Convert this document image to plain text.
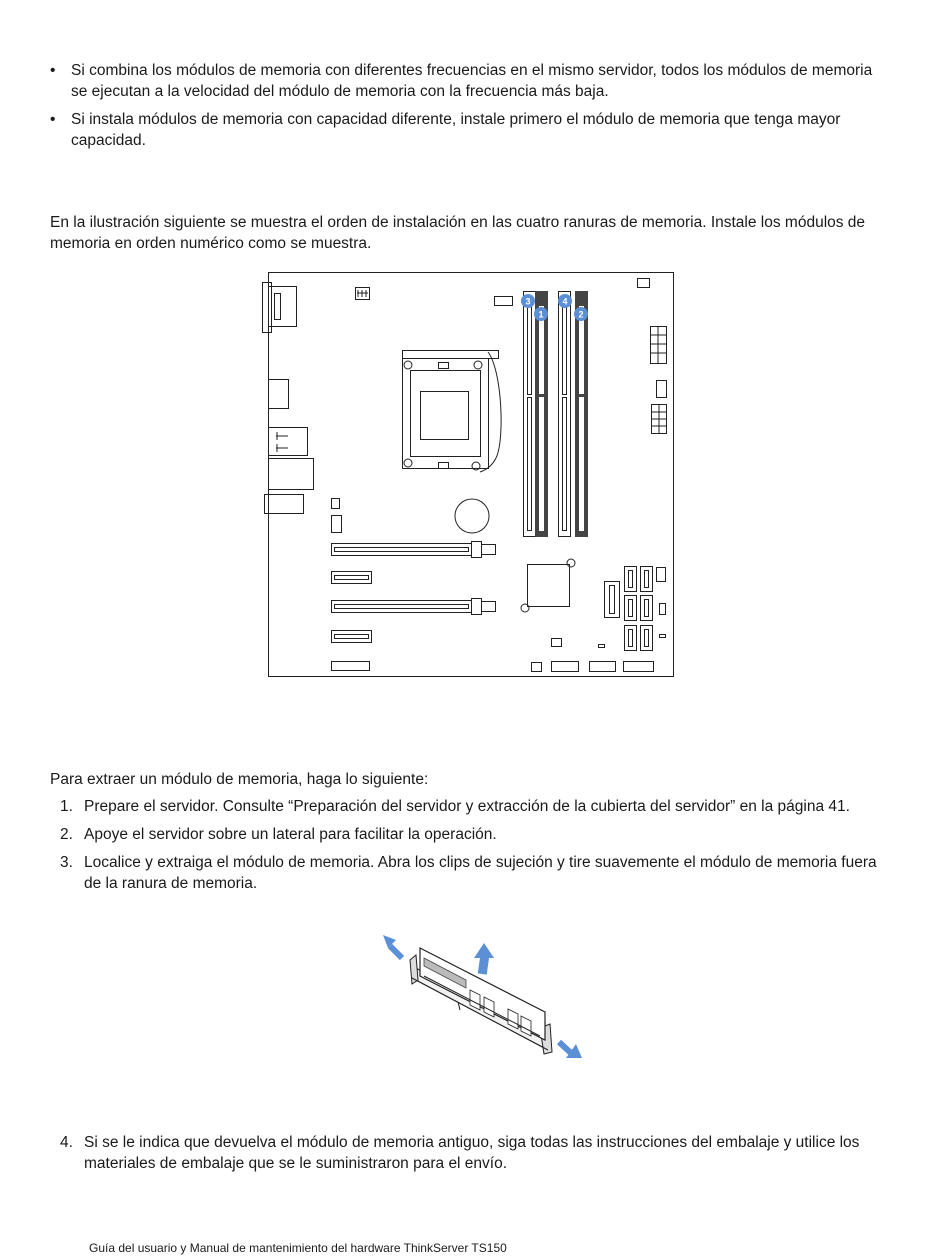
• Si combina los módulos de memoria con diferentes frecuencias en el mismo servidor, todos los módulos de memoria se ejecutan a la velocidad del módulo de memoria con la frecuencia más baja.
• Si instala módulos de memoria con capacidad diferente, instale primero el módulo de memoria que tenga mayor capacidad.
En la ilustración siguiente se muestra el orden de instalación en las cuatro ranuras de memoria. Instale los módulos de memoria en orden numérico como se muestra.
3
1
4
2
Para extraer un módulo de memoria, haga lo siguiente:
1. Prepare el servidor. Consulte “Preparación del servidor y extracción de la cubierta del servidor” en la página 41.
2. Apoye el servidor sobre un lateral para facilitar la operación.
3. Localice y extraiga el módulo de memoria. Abra los clips de sujeción y tire suavemente el módulo de memoria fuera de la ranura de memoria.
4. Si se le indica que devuelva el módulo de memoria antiguo, siga todas las instrucciones del embalaje y utilice los materiales de embalaje que se le suministraron para el envío.
Guía del usuario y Manual de mantenimiento del hardware ThinkServer TS150
